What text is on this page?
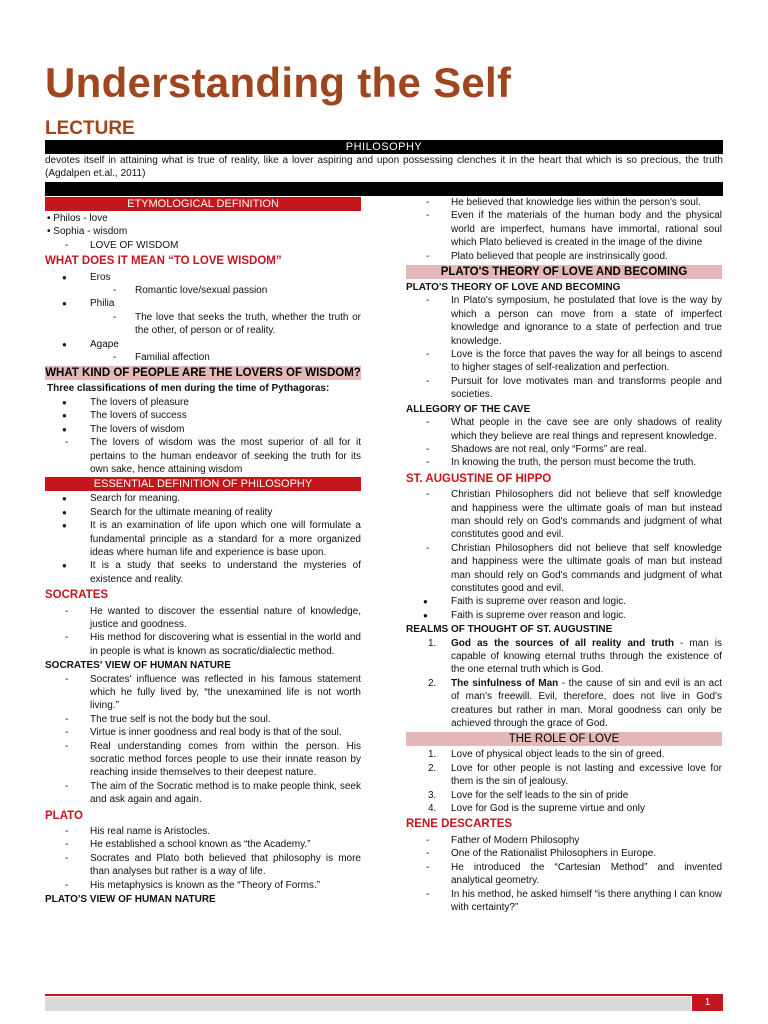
Understanding the Self
LECTURE
PHILOSOPHY
devotes itself in attaining what is true of reality, like a lover aspiring and upon possessing clenches it in the heart that which is so precious, the truth (Agdalpen et.al., 2011)
ETYMOLOGICAL DEFINITION
• Philos - love
• Sophia - wisdom
- LOVE OF WISDOM
WHAT DOES IT MEAN “TO LOVE WISDOM”
● Eros
- Romantic love/sexual passion
● Philia
- The love that seeks the truth, whether the truth or the other, of person or of reality.
● Agape
- Familial affection
WHAT KIND OF PEOPLE ARE THE LOVERS OF WISDOM?
Three classifications of men during the time of Pythagoras:
● The lovers of pleasure
● The lovers of success
● The lovers of wisdom
- The lovers of wisdom was the most superior of all for it pertains to the human endeavor of seeking the truth for its own sake, hence attaining wisdom
ESSENTIAL DEFINITION OF PHILOSOPHY
● Search for meaning.
● Search for the ultimate meaning of reality
● It is an examination of life upon which one will formulate a fundamental principle as a standard for a more organized ideas where human life and experience is base upon.
● It is a study that seeks to understand the mysteries of existence and reality.
SOCRATES
- He wanted to discover the essential nature of knowledge, justice and goodness.
- His method for discovering what is essential in the world and in people is what is known as socratic/dialectic method.
SOCRATES' VIEW OF HUMAN NATURE
- Socrates' influence was reflected in his famous statement which he fully lived by, “the unexamined life is not worth living.”
- The true self is not the body but the soul.
- Virtue is inner goodness and real body is that of the soul.
- Real understanding comes from within the person. His socratic method forces people to use their innate reason by reaching inside themselves to their deepest nature.
- The aim of the Socratic method is to make people think, seek and ask again and again.
PLATO
- His real name is Aristocles.
- He established a school known as “the Academy.”
- Socrates and Plato both believed that philosophy is more than analyses but rather is a way of life.
- His metaphysics is known as the “Theory of Forms.”
PLATO'S VIEW OF HUMAN NATURE
- He believed that knowledge lies within the person's soul.
- Even if the materials of the human body and the physical world are imperfect, humans have immortal, rational soul which Plato believed is created in the image of the divine
- Plato believed that people are instrinsically good.
PLATO'S THEORY OF LOVE AND BECOMING
PLATO'S THEORY OF LOVE AND BECOMING
- In Plato's symposium, he postulated that love is the way by which a person can move from a state of imperfect knowledge and ignorance to a state of perfection and true knowledge.
- Love is the force that paves the way for all beings to ascend to higher stages of self-realization and perfection.
- Pursuit for love motivates man and transforms people and societies.
ALLEGORY OF THE CAVE
- What people in the cave see are only shadows of reality which they believe are real things and represent knowledge.
- Shadows are not real, only “Forms” are real.
- In knowing the truth, the person must become the truth.
ST. AUGUSTINE OF HIPPO
- Christian Philosophers did not believe that self knowledge and happiness were the ultimate goals of man but instead man should rely on God's commands and judgment of what constitutes good and evil.
- Christian Philosophers did not believe that self knowledge and happiness were the ultimate goals of man but instead man should rely on God's commands and judgment of what constitutes good and evil.
● Faith is supreme over reason and logic.
● Faith is supreme over reason and logic.
REALMS OF THOUGHT OF ST. AUGUSTINE
1. God as the sources of all reality and truth - man is capable of knowing eternal truths through the existence of the one eternal truth which is God.
2. The sinfulness of Man - the cause of sin and evil is an act of man's freewill. Evil, therefore, does not live in God's creatures but rather in man. Moral goodness can only be achieved through the grace of God.
THE ROLE OF LOVE
1. Love of physical object leads to the sin of greed.
2. Love for other people is not lasting and excessive love for them is the sin of jealousy.
3. Love for the self leads to the sin of pride
4. Love for God is the supreme virtue and only
RENE DESCARTES
- Father of Modern Philosophy
- One of the Rationalist Philosophers in Europe.
- He introduced the “Cartesian Method” and invented analytical geometry.
- In his method, he asked himself “is there anything I can know with certainty?”
1
